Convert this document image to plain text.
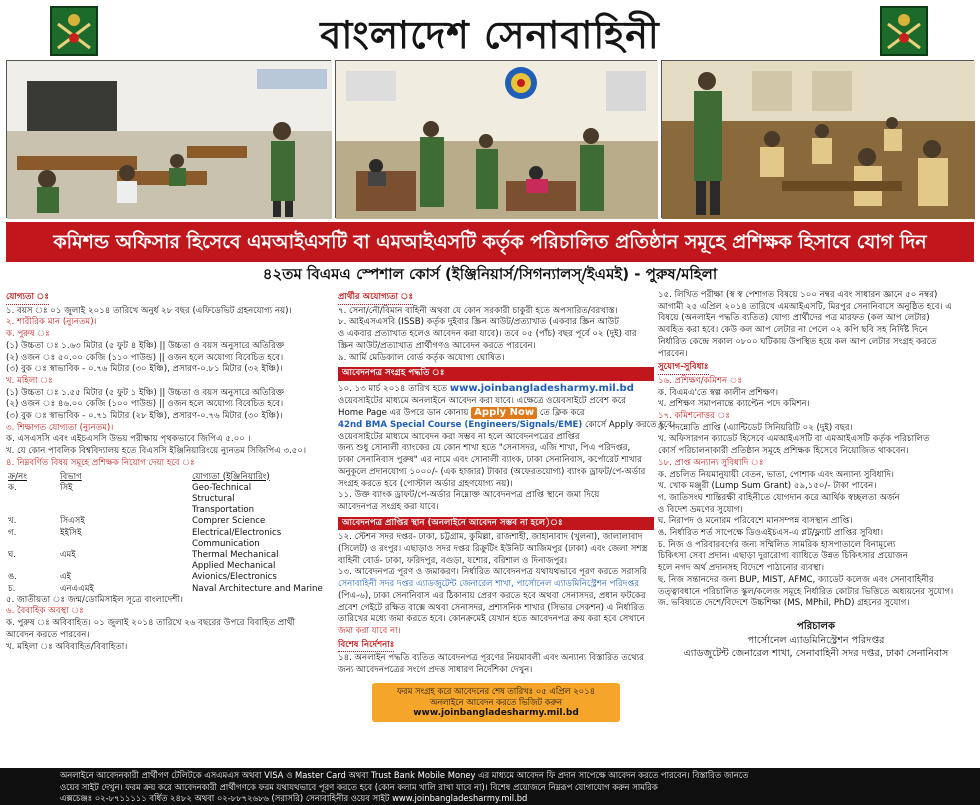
বাংলাদেশ সেনাবাহিনী
কমিশন্ড অফিসার হিসেবে এমআইএসটি বা এমআইএসটি কর্তৃক পরিচালিত প্রতিষ্ঠান সমূহে প্রশিক্ষক হিসাবে যোগ দিন
৪২তম বিএমএ স্পেশাল কোর্স (ইঞ্জিনিয়ার্স/সিগন্যালস্/ইএমই) - পুরুষ/মহিলা
যোগ্যতা ঃ
১. বয়স ঃ ০১ জুলাই ২০১৪ তারিখে অনুর্ধ ২৮ বছর (এফিডেভিট গ্রহনযোগ্য নয়)।
২. শারীরিক মান (ন্যুনতম)।
ক. পুরুষ ঃ
(১) উচ্চতা ঃ ১.৬৩ মিটার (৫ ফুট ৪ ইঞ্চি) || উচ্চতা ও বয়স অনুসারে অতিরিক্ত
(২) ওজন ঃ ৫০.০০ কেজি (১১০ পাউন্ড) || ওজন হলে অযোগ্য বিবেচিত হবে।
(৩) বুক ঃ স্বাভাবিক - ০.৭৬ মিটার (৩০ ইঞ্চি), প্রসারণ-০.৮১ মিটার (৩২ ইঞ্চি)।
খ. মহিলা ঃ
(১) উচ্চতা ঃ ১.৫৫ মিটার (৫ ফুট ১ ইঞ্চি) || উচ্চতা ও বয়স অনুসারে অতিরিক্ত
(২) ওজন ঃ ৪৬.০০ কেজি (১০০ পাউন্ড) || ওজন হলে অযোগ্য বিবেচিত হবে।
(৩) বুক ঃ স্বাভাবিক - ০.৭১ মিটার (২৮ ইঞ্চি), প্রসারণ-০.৭৬ মিটার (৩০ ইঞ্চি)।
৩. শিক্ষাগত যোগ্যতা (ন্যুনতম)।
ক. এসএসসি এবং এইচএসসি উভয় পরীক্ষায় পৃথকভাবে জিপিএ ৫.০০ ।
খ. যে কোন পাবলিক বিশ্ববিদ্যালয় হতে বিএসসি ইঞ্জিনিয়ারিংয়ে ন্যুনতম সিজিপিএ ৩.৫০।
৪. নিম্নবর্ণিত বিষয় সমূহে প্রশিক্ষক নিয়োগ দেয়া হবে ঃ
ক্র/নং	বিভাগ	যোগ্যতা (ইঞ্জিনিয়ারিং)
ক.	সিই	Geo-Technical
		Structural
		Transportation
খ.	সিএসই	Comprer Science
গ.	ইইসিই	Electrical/Electronics
		Communication
ঘ.	এমই	Thermal Mechanical
		Applied Mechanical
ঙ.	এই	Avionics/Electronics
চ.	এনএএমই	Naval Architecture and Marine
৫. জাতীয়তা ঃ জন্ম/ডোমিসাইল সূত্রে বাংলাদেশী।
৬. বৈবাহিক অবস্থা ঃ
ক. পুরুষ ঃ অবিবাহিত। ০১ জুলাই ২০১৪ তারিখে ২৬ বছরের উপরে বিবাহিত প্রার্থী
আবেদন করতে পারবেন।
খ. মহিলা ঃ অবিবাহিত/বিবাহিতা।
প্রার্থীর অযোগ্যতা ঃ
৭. সেনা/নৌ/বিমান বাহিনী অথবা যে কোন সরকারী চাকুরী হতে অপসারিত/বরখাস্ত।
৮. আইএসএসবি (ISSB) কর্তৃক দুইবার স্ক্রিন আউট/প্রত্যাখাত (একবার স্ক্রিন আউট
ও একবার প্রত্যাখাত হলেও আবেদন করা যাবে)। তবে ০৫ (পাঁচ) বছর পূর্বে ০২ (দুই) বার
স্ক্রিন আউট/প্রত্যাখাত প্রার্থীগণও আবেদন করতে পারবেন।
৯. আর্মি মেডিক্যাল বোর্ড কর্তৃক অযোগ্য ঘোষিত।
আবেদনপত্র সংগ্রহ পদ্ধতি ঃ
১০. ১৩ মার্চ ২০১৪ তারিখ হতে www.joinbangladesharmy.mil.bd
ওয়েবসাইটের মাধ্যমে অনলাইনে আবেদন করা যাবে। এক্ষেত্রে ওয়েবসাইটে প্রবেশ করে
Home Page এর উপরে ডান কোনায় Apply Now তে ক্লিক করে
42nd BMA Special Course (Engineers/Signals/EME) কোর্সে Apply করতে হবে।
ওয়েবসাইটের মাধ্যমে আবেদন করা সম্ভব না হলে আবেদনপত্রের প্রাপ্তির
জন্য শুধু সোনালী ব্যাংকের যে কোন শাখা হতে "সেনাসদর, এজি শাখা, পিএ পরিদপ্তর,
ঢাকা সেনানিবাস পুরুষ" এর নামে এবং সোনালী ব্যাংক, ঢাকা সেনানিবাস, কর্পোরেট শাখার
অনুকূলে প্রদানযোগ্য ১০০০/- (এক হাজার) টাকার (অফেরতযোগ্য) ব্যাংক ড্রাফট/পে-অর্ডার
সংগ্রহ করতে হবে (পোস্টাল অর্ডার গ্রহণযোগ্য নয়)।
১১. উক্ত ব্যাংক ড্রাফট/পে-অর্ডার নিম্নোক্ত আবেদনপত্র প্রাপ্তি স্থানে জমা দিয়ে
আবেদনপত্র সংগ্রহ করা যাবে।
আবেদনপত্র প্রাপ্তির স্থান (অনলাইনে আবেদন সম্ভব না হলে)ঃ
১২. স্টেশন সদর দপ্তর- ঢাকা, চট্টগ্রাম, কুমিল্লা, রাজশাহী, জাহানাবাদ (খুলনা), জালালাবাদ
(সিলেট) ও রংপুর। এছাড়াও সদর দপ্তর রিক্রুটিং ইউনিট আজিমপুর (ঢাকা) এবং জেলা সশস্ত্র
বাহিনী বোর্ড- ঢাকা, ফরিদপুর, বগুড়া, যশোর, বরিশাল ও দিনাজপুর।
১৩. আবেদনপত্র পূরণ ও জমাকরণ। নির্ধারিত আবেদনপত্র যথাযথভাবে পূরণ করতে সরাসরি
সেনাবাহিনী সদর দপ্তর এ্যাডজুটেন্ট জেনারেল শাখা, পার্সোনেল এ্যাডমিনিস্ট্রেশন পরিদপ্তর
(পিএ-৬), ঢাকা সেনানিবাস এর ঠিকানায় প্রেরণ করতে হবে অথবা সেনাসদর, প্রধান ফটকের
প্রবেশ গেইটে রক্ষিত বাক্সে অথবা সেনাসদর, প্রশাসনিক শাখার (সিভার সেকশন) এ নির্ধারিত
তারিখের মধ্যে জমা করতে হবে। কোনক্রমেই যেখান হতে আবেদনপত্র ক্রয় করা হবে সেখানে
জমা করা যাবে না।
বিশেষ নির্দেশনাঃ
১৪. অনলাইন পদ্ধতি ব্যতিত আবেদনপত্র পূরণের নিয়মাবলী এবং অন্যান্য বিস্তারিত তথ্যের
জন্য আবেদনপত্রের সংগে প্রদত্ত সাধারণ নির্দেশিকা দেখুন।
ফরম সংগ্রহ করে আবেদনের শেষ তারিখঃ ০৫ এপ্রিল ২০১৪
অনলাইনে আবেদন করতে ভিজিট করুন
www.joinbangladesharmy.mil.bd
১৫. লিখিত পরীক্ষা (স্ব স্ব পেশাগত বিষয়ে ১০০ নম্বর এবং সাধারন জ্ঞানে ৫০ নম্বর)
আগামী ২৫ এপ্রিল ২০১৪ তারিখে এমআইএসটি, মিরপুর সেনানিবাসে অনুষ্ঠিত হবে। এ
বিষয়ে (অনলাইন পদ্ধতি ব্যতিত) যোগ্য প্রার্থীদের পত্র মারফত (কল আপ লেটার)
অবহিত করা হবে। কেউ কল আপ লেটার না পেলে ০২ কপি ছবি সহ নির্দিষ্ট দিনে
নির্ধারিত কেন্দ্রে সকাল ০৮০০ ঘটিকায় উপস্থিত হয়ে কল আপ লেটার সংগ্রহ করতে
পারবেন।
সুযোগ-সুবিধাঃ
১৬. প্রশিক্ষণ/কমিশন ঃ
ক. বিএমএ'তে স্বল্প কালীন প্রশিক্ষণ।
খ. প্রশিক্ষণ সমাপনান্তে ক্যাপ্টেন পদে কমিশন।
১৭. কমিশনোত্তর ঃ
ক. পদন্নোতি প্রাপ্তি (এ্যান্টিডেট সিনিয়রিটি ০২ (দুই) বছর।
খ. অফিসারগন ক্যাডেট হিসেবে এমআইএসটি বা এমআইএসটি কর্তৃক পরিচালিত
কোর্স পরিচালনাকারী প্রতিষ্ঠান সমূহে প্রশিক্ষক হিসেবে নিয়োজিত থাকবেন।
১৮. প্রাপ্ত অন্যান্য সুবিধাদি ঃ
ক. প্রচলিত নিয়মানুযায়ী বেতন, ভাতা, পোশাক এবং অন্যান্য সুবিধাদি।
খ. খোক মঞ্জুরী (Lump Sum Grant) ৫৯,১৫০/- টাকা পাবেন।
গ. জাতিসংঘ শান্তিরক্ষী বাহিনীতে যোগদান করে আর্থিক স্বচ্ছলতা অর্জন
ও বিদেশ ভ্রমণের সুযোগ।
ঘ. নিরাপদ ও মনোরম পরিবেশে মানসম্পন্ন বাসস্থান প্রাপ্তি।
ঙ. নির্ধারিত শর্ত সাপেক্ষে ডিওএইচএস-এ প্লট/ফ্ল্যাট প্রাপ্তির সুবিধা।
চ. নিজ ও পরিবারবর্গের জন্য সম্মিলিত সামরিক হাসপাতালে বিনামূল্যে
চিকিৎসা সেবা প্রদান। এছাড়া দুরারোগ্য ব্যাধিতে উন্নত চিকিৎসার প্রয়োজন
হলে নগদ অর্থ প্রদানসহ বিদেশে পাঠানোর ব্যবস্থা।
ছ. নিজ সন্তানদের জন্য BUP, MIST, AFMC, ক্যাডেট কলেজ এবং সেনাবাহিনীর
তত্ত্বাবধানে পরিচালিত স্কুল/কলেজ সমূহে নির্ধারিত কোটার ভিত্তিতে অধ্যয়নের সুযোগ।
জ. ভবিষ্যতে দেশে/বিদেশে উচ্চশিক্ষা (MS, MPhil, PhD) গ্রহনের সুযোগ।
পরিচালক
পার্সোনেল এ্যাডমিনিস্ট্রেশন পরিদপ্তর
এ্যাডজুটেন্ট জেনারেল শাখা, সেনাবাহিনী সদর দপ্তর, ঢাকা সেনানিবাস
অনলাইনে আবেদনকারী প্রার্থীগণ টেলিটকে এসএমএস অথবা VISA ও Master Card অথবা Trust Bank Mobile Money এর মাধ্যমে আবেদন ফি প্রদান সাপেক্ষে আবেদন করতে পারবেন। বিস্তারিত জানতে
ওয়েব সাইট দেখুন। ফরম ক্রয় করে আবেদনকারী প্রার্থীগণকে ফরম যথাযথভাবে পূরণ করতে হবে (কোন কলাম খালি রাখা যাবে না)। বিশেষ প্রয়োজনে নিম্নরূপ যোগাযোগ করুন সামরিক
এক্সচেঞ্জঃ ০২-৮৭১১১১১ বর্ধিত ২৪৮২ অথবা ০২-৮৮৭২৬৮৬ (সরাসরি) সেনাবাহিনীর ওয়েব সাইট www.joinbangladesharmy.mil.bd
